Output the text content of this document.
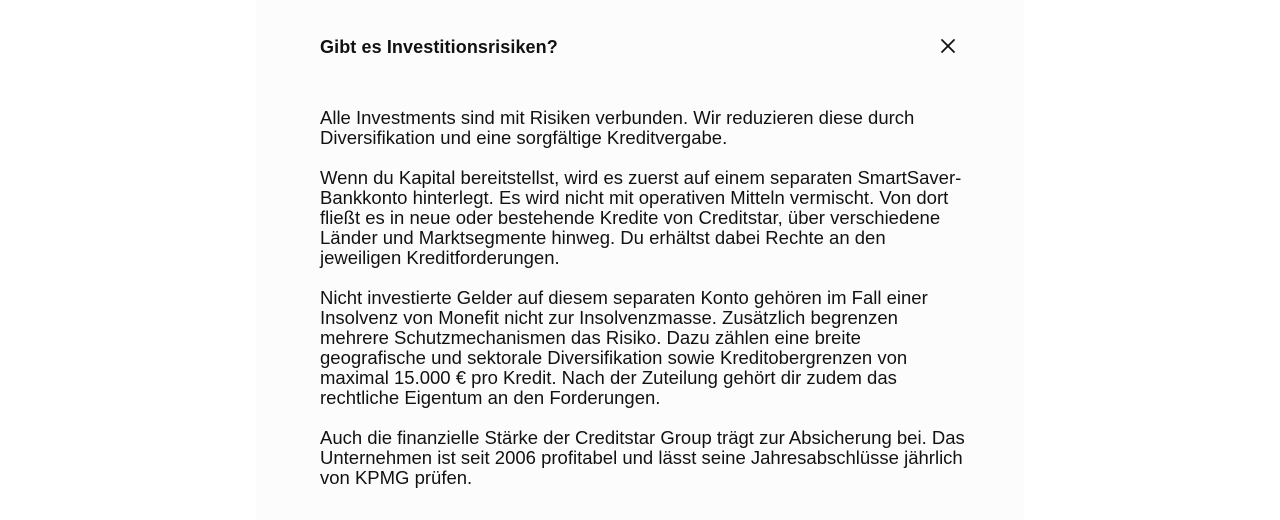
Gibt es Investitionsrisiken?

Alle Investments sind mit Risiken verbunden. Wir reduzieren diese durch Diversifikation und eine sorgfältige Kreditvergabe.

Wenn du Kapital bereitstellst, wird es zuerst auf einem separaten SmartSaver-Bankkonto hinterlegt. Es wird nicht mit operativen Mitteln vermischt. Von dort fließt es in neue oder bestehende Kredite von Creditstar, über verschiedene Länder und Marktsegmente hinweg. Du erhältst dabei Rechte an den jeweiligen Kreditforderungen.

Nicht investierte Gelder auf diesem separaten Konto gehören im Fall einer Insolvenz von Monefit nicht zur Insolvenzmasse. Zusätzlich begrenzen mehrere Schutzmechanismen das Risiko. Dazu zählen eine breite geografische und sektorale Diversifikation sowie Kreditobergrenzen von maximal 15.000 € pro Kredit. Nach der Zuteilung gehört dir zudem das rechtliche Eigentum an den Forderungen.

Auch die finanzielle Stärke der Creditstar Group trägt zur Absicherung bei. Das Unternehmen ist seit 2006 profitabel und lässt seine Jahresabschlüsse jährlich von KPMG prüfen.
